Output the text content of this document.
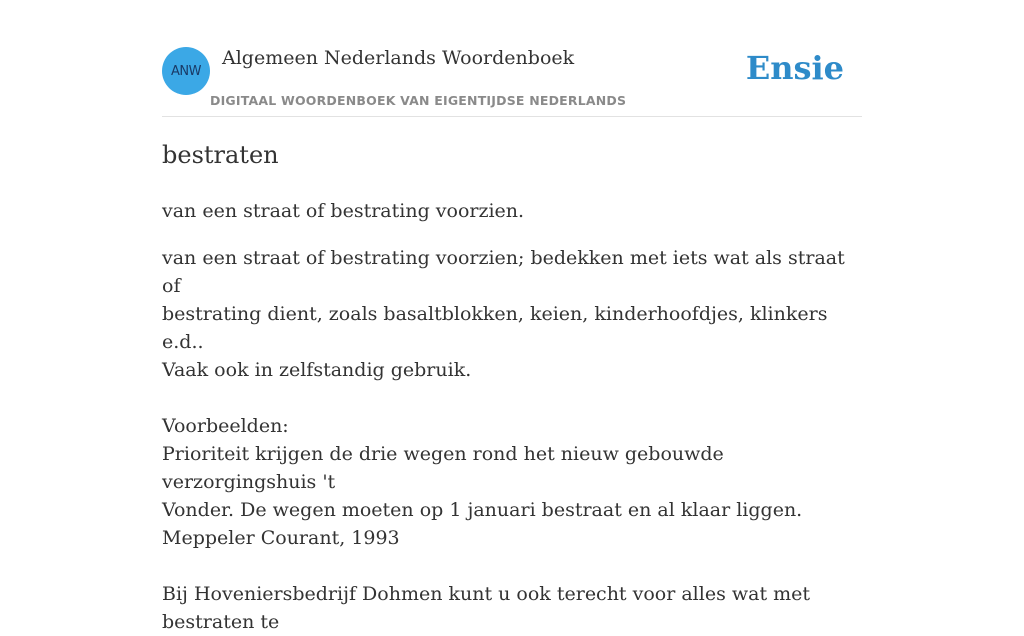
ANW
Algemeen Nederlands Woordenboek
DIGITAAL WOORDENBOEK VAN EIGENTIJDSE NEDERLANDS
Ensie
bestraten

van een straat of bestrating voorzien.

van een straat of bestrating voorzien; bedekken met iets wat als straat of
bestrating dient, zoals basaltblokken, keien, kinderhoofdjes, klinkers e.d..
Vaak ook in zelfstandig gebruik.
Voorbeelden:
Prioriteit krijgen de drie wegen rond het nieuw gebouwde verzorgingshuis 't
Vonder. De wegen moeten op 1 januari bestraat en al klaar liggen.
Meppeler Courant, 1993
Bij Hoveniersbedrijf Dohmen kunt u ook terecht voor alles wat met bestraten te
